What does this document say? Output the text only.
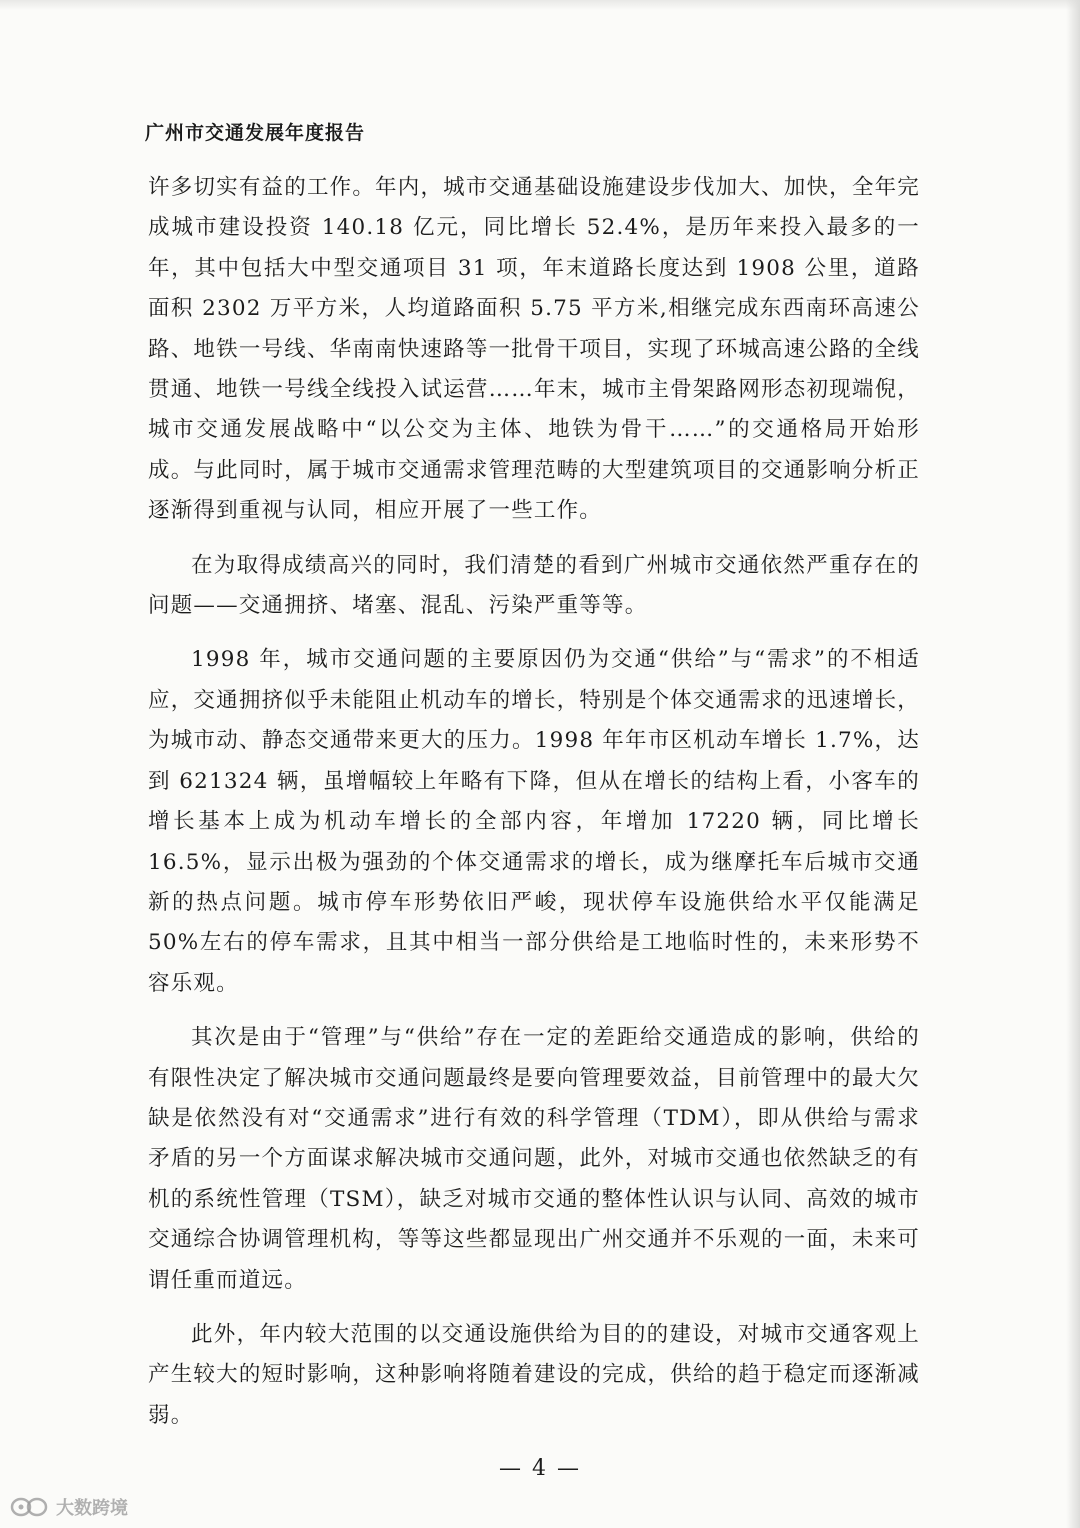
广州市交通发展年度报告

许多切实有益的工作。年内，城市交通基础设施建设步伐加大、加快，全年完成城市建设投资 140.18 亿元，同比增长 52.4%，是历年来投入最多的一年，其中包括大中型交通项目 31 项，年末道路长度达到 1908 公里，道路面积 2302 万平方米，人均道路面积 5.75 平方米,相继完成东西南环高速公路、地铁一号线、华南南快速路等一批骨干项目，实现了环城高速公路的全线贯通、地铁一号线全线投入试运营……年末，城市主骨架路网形态初现端倪，城市交通发展战略中“以公交为主体、地铁为骨干……”的交通格局开始形成。与此同时，属于城市交通需求管理范畴的大型建筑项目的交通影响分析正逐渐得到重视与认同，相应开展了一些工作。

在为取得成绩高兴的同时，我们清楚的看到广州城市交通依然严重存在的问题——交通拥挤、堵塞、混乱、污染严重等等。

1998 年，城市交通问题的主要原因仍为交通“供给”与“需求”的不相适应，交通拥挤似乎未能阻止机动车的增长，特别是个体交通需求的迅速增长，为城市动、静态交通带来更大的压力。1998 年年市区机动车增长 1.7%，达到 621324 辆，虽增幅较上年略有下降，但从在增长的结构上看，小客车的增长基本上成为机动车增长的全部内容，年增加 17220 辆，同比增长 16.5%，显示出极为强劲的个体交通需求的增长，成为继摩托车后城市交通新的热点问题。城市停车形势依旧严峻，现状停车设施供给水平仅能满足 50%左右的停车需求，且其中相当一部分供给是工地临时性的，未来形势不容乐观。

其次是由于“管理”与“供给”存在一定的差距给交通造成的影响，供给的有限性决定了解决城市交通问题最终是要向管理要效益，目前管理中的最大欠缺是依然没有对“交通需求”进行有效的科学管理（TDM），即从供给与需求矛盾的另一个方面谋求解决城市交通问题，此外，对城市交通也依然缺乏的有机的系统性管理（TSM），缺乏对城市交通的整体性认识与认同、高效的城市交通综合协调管理机构，等等这些都显现出广州交通并不乐观的一面，未来可谓任重而道远。

此外，年内较大范围的以交通设施供给为目的的建设，对城市交通客观上产生较大的短时影响，这种影响将随着建设的完成，供给的趋于稳定而逐渐减弱。

— 4 —
大数跨境
